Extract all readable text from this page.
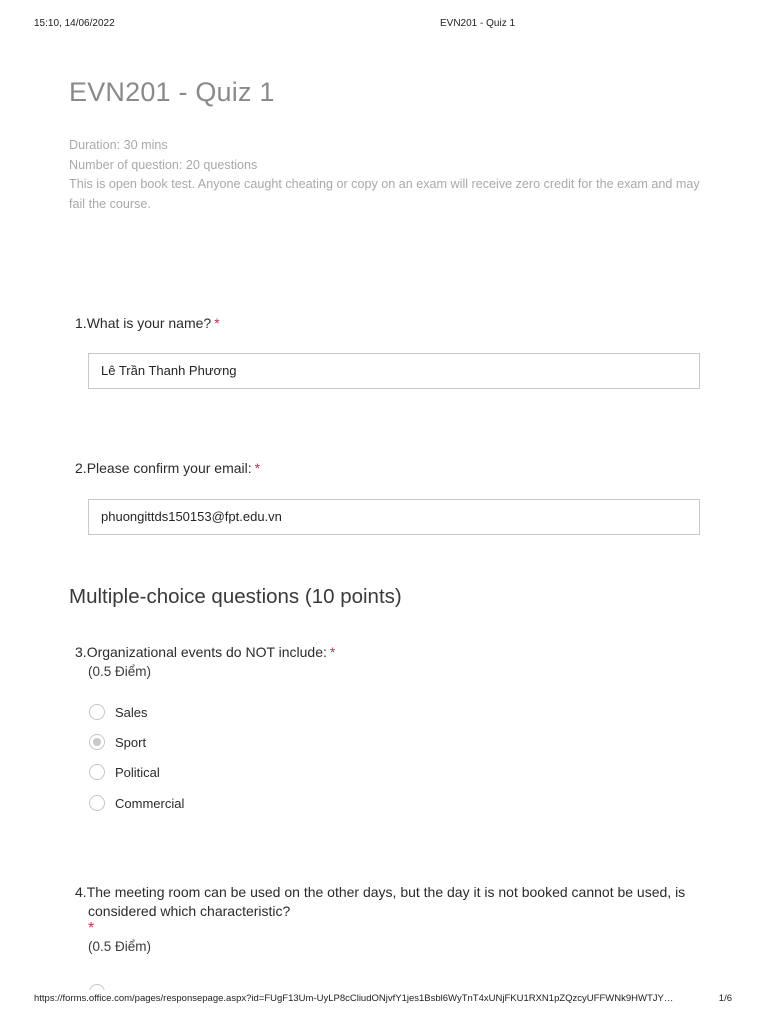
15:10, 14/06/2022	EVN201 - Quiz 1
EVN201 - Quiz 1
Duration: 30 mins
Number of question: 20 questions
This is open book test. Anyone caught cheating or copy on an exam will receive zero credit for the exam and may fail the course.
1.What is your name? *
Lê Trần Thanh Phương
2.Please confirm your email: *
phuongittds150153@fpt.edu.vn
Multiple-choice questions (10 points)
3.Organizational events do NOT include: *
(0.5 Điểm)
Sales
Sport
Political
Commercial
4.The meeting room can be used on the other days, but the day it is not booked cannot be used, is considered which characteristic?
*
(0.5 Điểm)
https://forms.office.com/pages/responsepage.aspx?id=FUgF13Um-UyLP8cCliudONjvfY1jes1Bsbl6WyTnT4xUNjFKU1RXN1pZQzcyUFFWNk9HWTJY…	1/6
